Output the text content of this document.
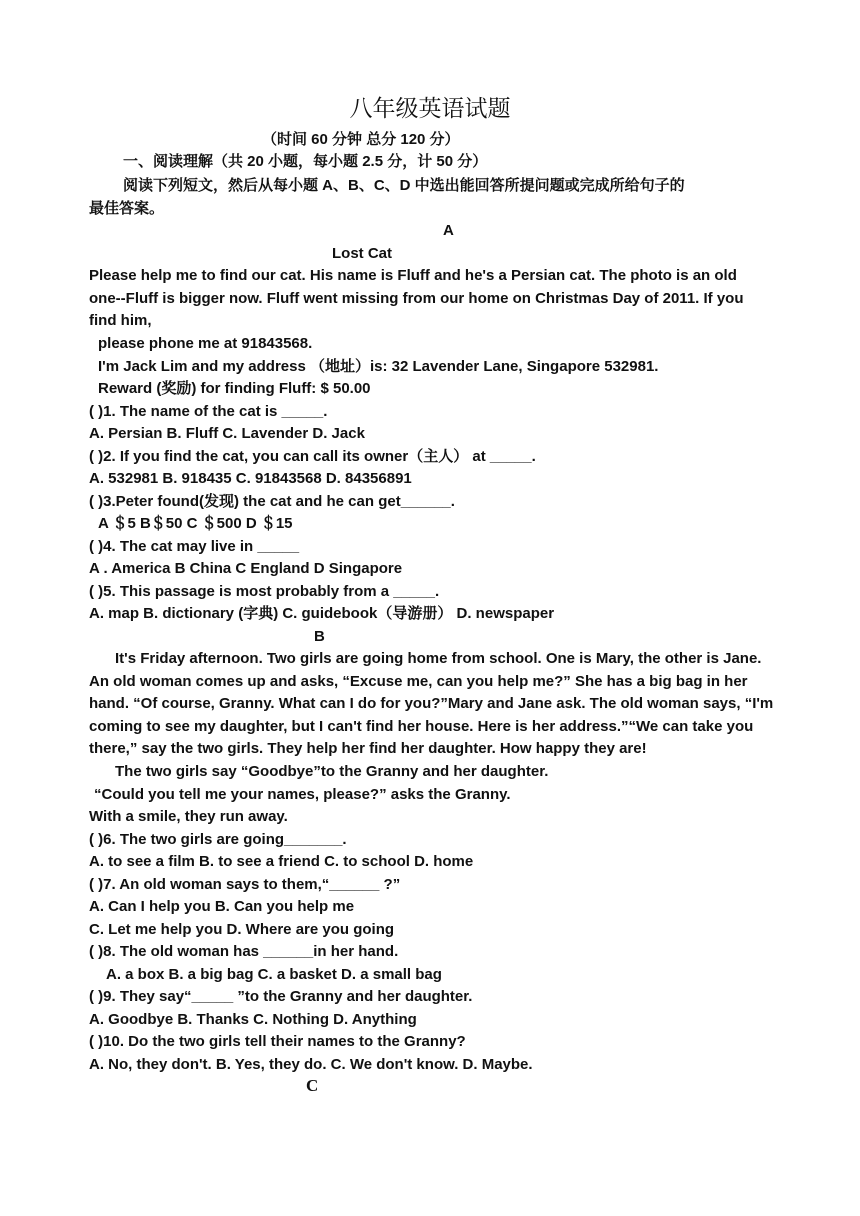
八年级英语试题
（时间 60 分钟 总分 120 分）
一、阅读理解（共 20 小题，每小题 2.5 分，计 50 分）
阅读下列短文，然后从每小题 A、B、C、D 中选出能回答所提问题或完成所给句子的
最佳答案。
A
Lost Cat
Please help me to find our cat. His name is Fluff and he's a Persian cat. The photo is an old
one--Fluff is bigger now. Fluff went missing from our home on Christmas Day of 2011. If you
find him,
please phone me at 91843568.
I'm Jack Lim and my address （地址）is: 32 Lavender Lane, Singapore 532981.
Reward (奖励) for finding Fluff: $ 50.00
( )1. The name of the cat is _____.
A. Persian B. Fluff C. Lavender D. Jack
( )2. If you find the cat, you can call its owner（主人） at _____.
A. 532981 B. 918435 C. 91843568 D. 84356891
( )3.Peter found(发现) the cat and he can get______.
A ＄5 B＄50 C ＄500 D ＄15
( )4. The cat may live in _____
A . America B China C England D Singapore
( )5. This passage is most probably from a _____.
A. map B. dictionary (字典) C. guidebook（导游册） D. newspaper
B
It's Friday afternoon. Two girls are going home from school. One is Mary, the other is Jane.
An old woman comes up and asks, “Excuse me, can you help me?” She has a big bag in her
hand. “Of course, Granny. What can I do for you?”Mary and Jane ask. The old woman says, “I'm
coming to see my daughter, but I can't find her house. Here is her address.”“We can take you
there,” say the two girls. They help her find her daughter. How happy they are!
The two girls say “Goodbye”to the Granny and her daughter.
“Could you tell me your names, please?” asks the Granny.
With a smile, they run away.
( )6. The two girls are going_______.
A. to see a film B. to see a friend C. to school D. home
( )7. An old woman says to them,“______ ?”
A. Can I help you B. Can you help me
C. Let me help you D. Where are you going
( )8. The old woman has ______in her hand.
A. a box B. a big bag C. a basket D. a small bag
( )9. They say“_____ ”to the Granny and her daughter.
A. Goodbye B. Thanks C. Nothing D. Anything
( )10. Do the two girls tell their names to the Granny?
A. No, they don't. B. Yes, they do. C. We don't know. D. Maybe.
C
